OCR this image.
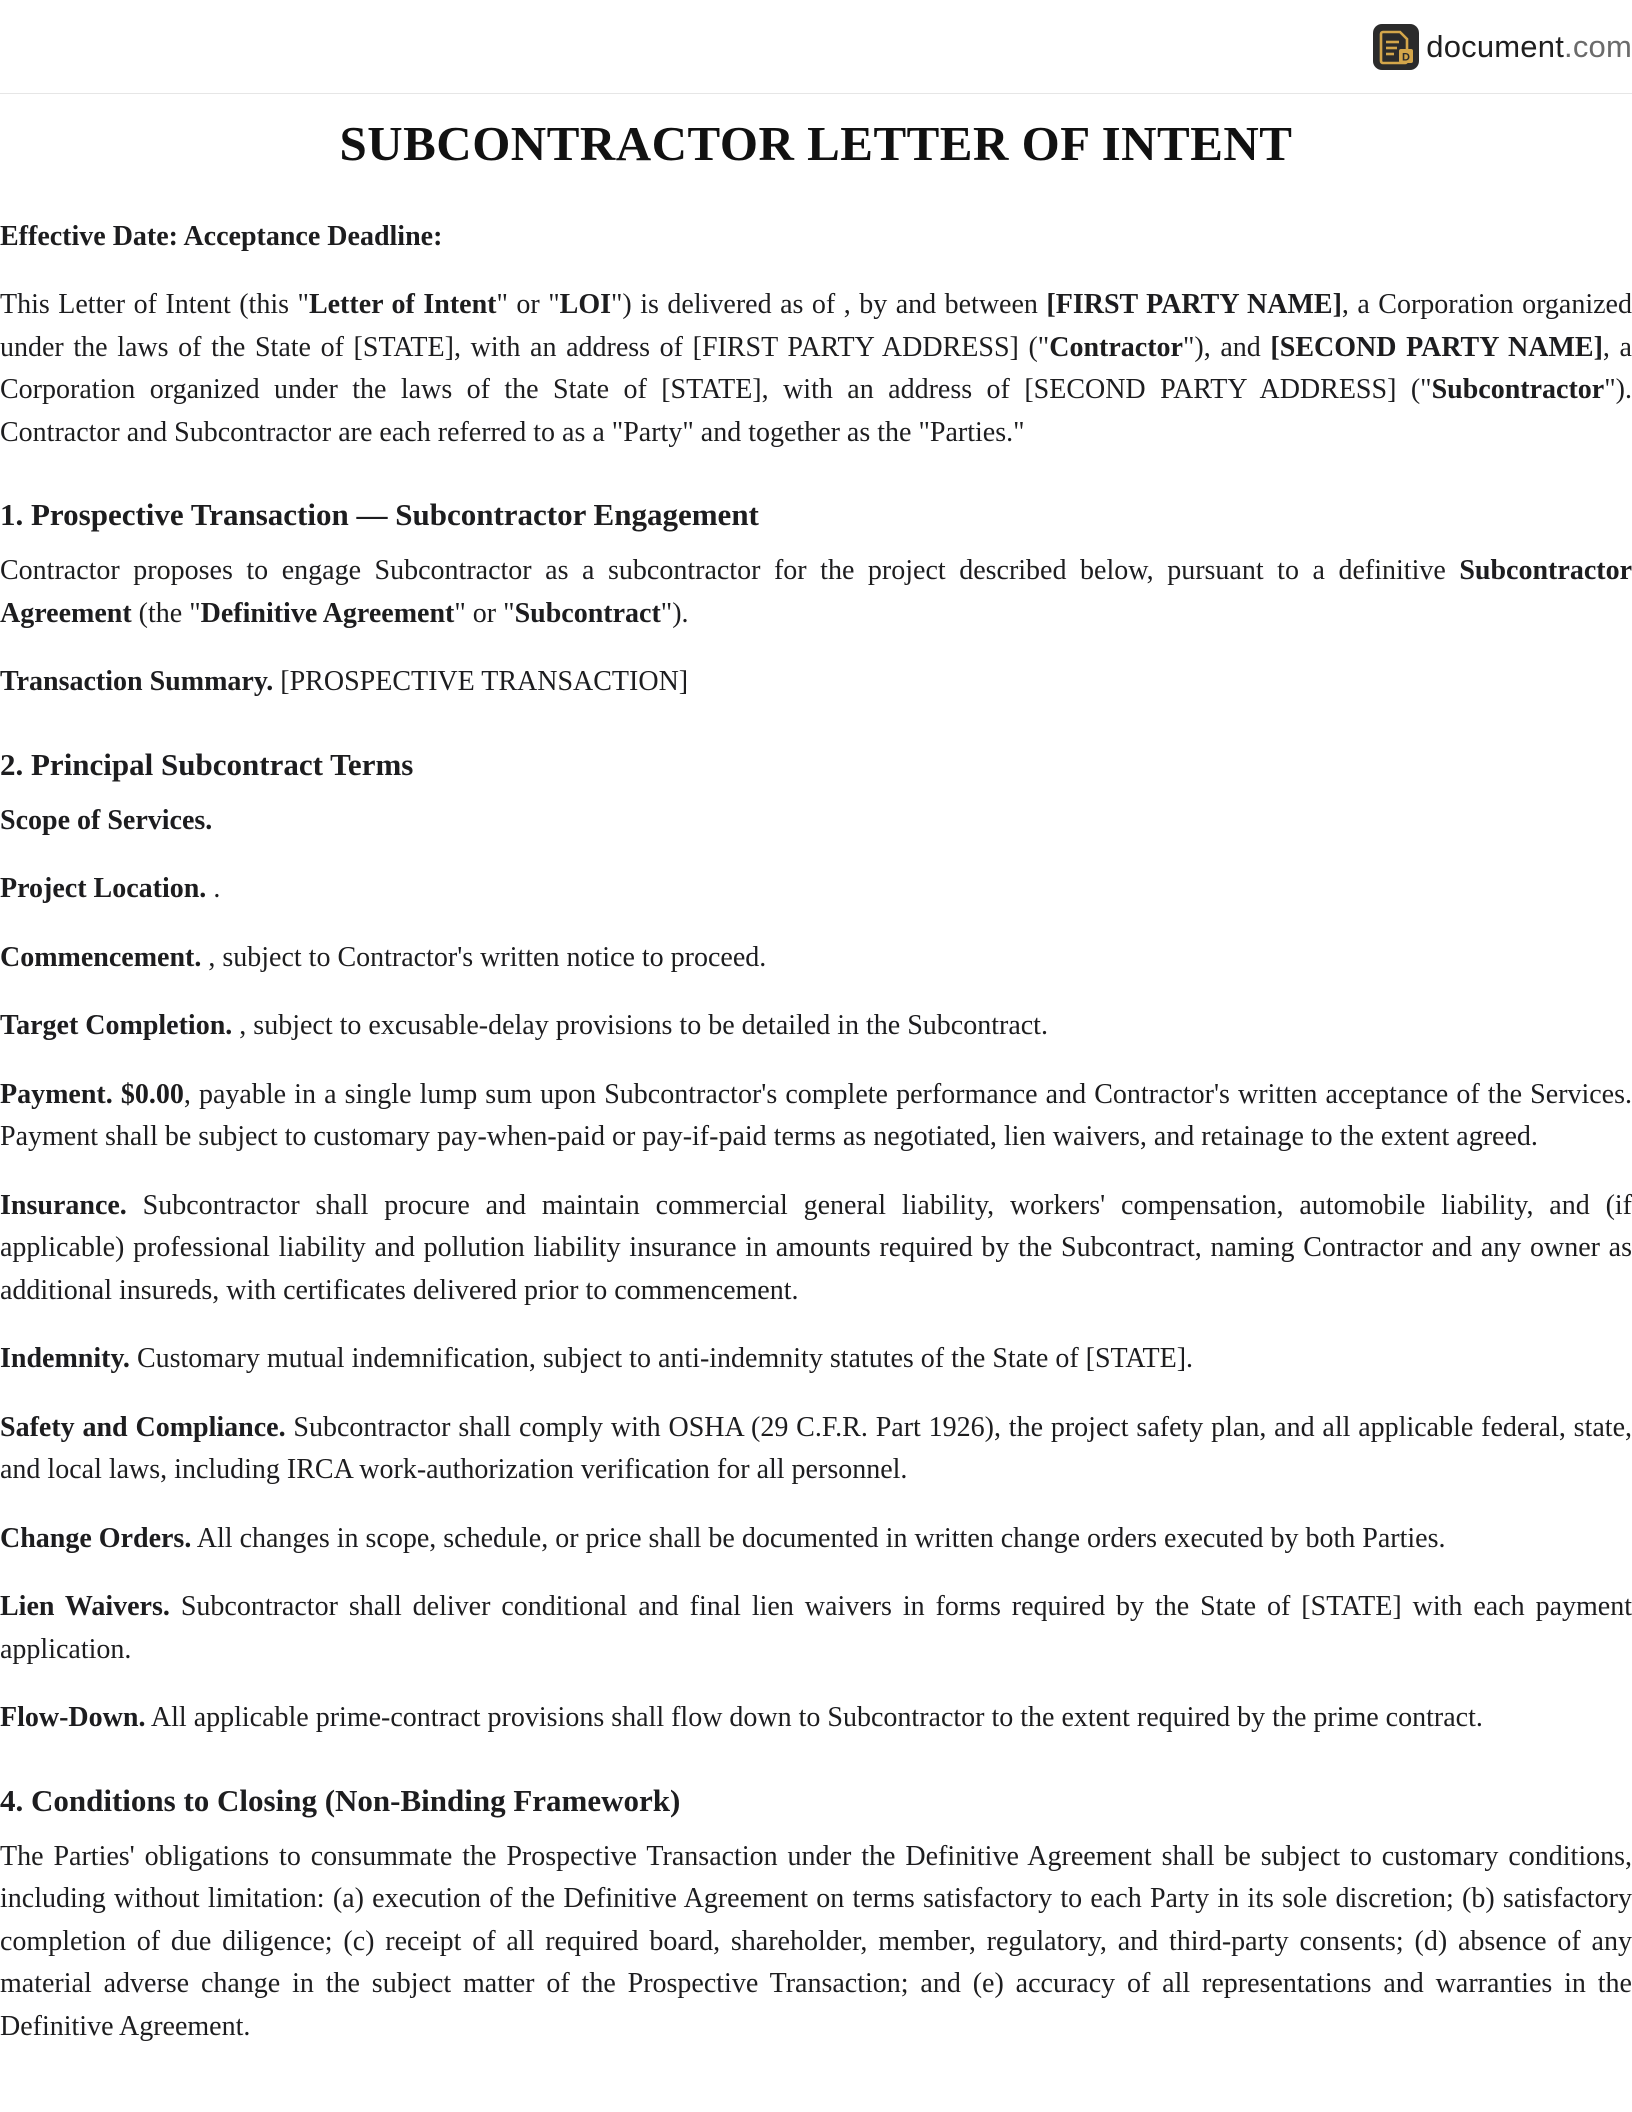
D document.com
SUBCONTRACTOR LETTER OF INTENT
Effective Date: Acceptance Deadline:

This Letter of Intent (this "Letter of Intent" or "LOI") is delivered as of , by and between [FIRST PARTY NAME], a Corporation organized under the laws of the State of [STATE], with an address of [FIRST PARTY ADDRESS] ("Contractor"), and [SECOND PARTY NAME], a Corporation organized under the laws of the State of [STATE], with an address of [SECOND PARTY ADDRESS] ("Subcontractor"). Contractor and Subcontractor are each referred to as a "Party" and together as the "Parties."

1. Prospective Transaction — Subcontractor Engagement

Contractor proposes to engage Subcontractor as a subcontractor for the project described below, pursuant to a definitive Subcontractor Agreement (the "Definitive Agreement" or "Subcontract").

Transaction Summary. [PROSPECTIVE TRANSACTION]

2. Principal Subcontract Terms

Scope of Services.

Project Location. .

Commencement. , subject to Contractor's written notice to proceed.

Target Completion. , subject to excusable-delay provisions to be detailed in the Subcontract.

Payment. $0.00, payable in a single lump sum upon Subcontractor's complete performance and Contractor's written acceptance of the Services. Payment shall be subject to customary pay-when-paid or pay-if-paid terms as negotiated, lien waivers, and retainage to the extent agreed.

Insurance. Subcontractor shall procure and maintain commercial general liability, workers' compensation, automobile liability, and (if applicable) professional liability and pollution liability insurance in amounts required by the Subcontract, naming Contractor and any owner as additional insureds, with certificates delivered prior to commencement.

Indemnity. Customary mutual indemnification, subject to anti-indemnity statutes of the State of [STATE].

Safety and Compliance. Subcontractor shall comply with OSHA (29 C.F.R. Part 1926), the project safety plan, and all applicable federal, state, and local laws, including IRCA work-authorization verification for all personnel.

Change Orders. All changes in scope, schedule, or price shall be documented in written change orders executed by both Parties.

Lien Waivers. Subcontractor shall deliver conditional and final lien waivers in forms required by the State of [STATE] with each payment application.

Flow-Down. All applicable prime-contract provisions shall flow down to Subcontractor to the extent required by the prime contract.

4. Conditions to Closing (Non-Binding Framework)

The Parties' obligations to consummate the Prospective Transaction under the Definitive Agreement shall be subject to customary conditions, including without limitation: (a) execution of the Definitive Agreement on terms satisfactory to each Party in its sole discretion; (b) satisfactory completion of due diligence; (c) receipt of all required board, shareholder, member, regulatory, and third-party consents; (d) absence of any material adverse change in the subject matter of the Prospective Transaction; and (e) accuracy of all representations and warranties in the Definitive Agreement.
